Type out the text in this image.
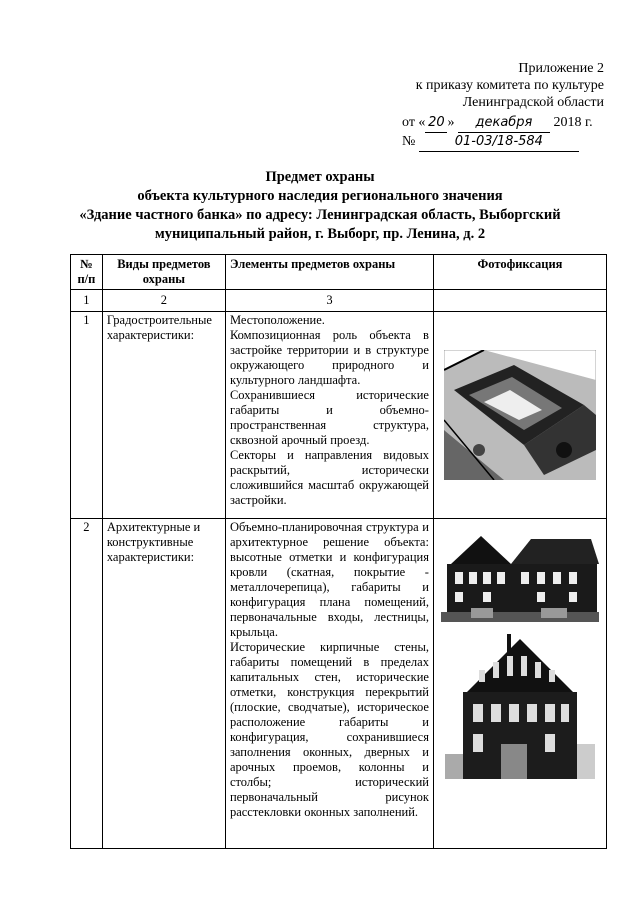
Приложение 2
к приказу комитета по культуре
Ленинградской области
от « 20 » декабря 2018 г.
№	01-03/18-584
Предмет охраны
объекта культурного наследия регионального значения
«Здание частного банка» по адресу: Ленинградская область, Выборгский
муниципальный район, г. Выборг, пр. Ленина, д. 2
№ п/п	Виды предметов охраны	Элементы предметов охраны	Фотофиксация
1	2	3	
1	Градостроительные характеристики:	Местоположение.
Композиционная роль объекта в застройке территории и в структуре окружающего природного и культурного ландшафта.
Сохранившиеся исторические габариты и объемно-пространственная структура, сквозной арочный проезд.
Секторы и направления видовых раскрытий, исторически сложившийся масштаб окружающей застройки.

2	Архитектурные и конструктивные характеристики:	Объемно-планировочная структура и архитектурное решение объекта: высотные отметки и конфигурация кровли (скатная, покрытие - металлочерепица), габариты и конфигурация плана помещений, первоначальные входы, лестницы, крыльца.
Исторические кирпичные стены, габариты помещений в пределах капитальных стен, исторические отметки, конструкция перекрытий (плоские, сводчатые), историческое расположение габариты и конфигурация, сохранившиеся заполнения оконных, дверных и арочных проемов, колонны и столбы; исторический первоначальный рисунок расстекловки оконных заполнений.
